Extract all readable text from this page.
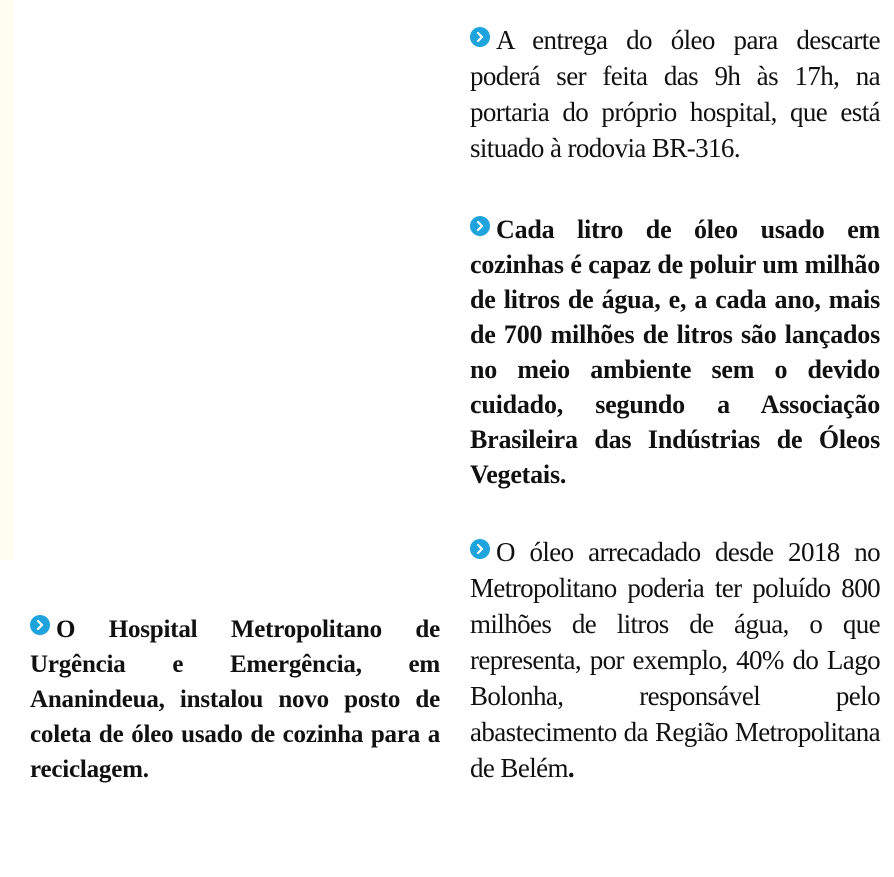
O Hospital Metropolitano de Urgência e Emergência, em Ananindeua, instalou novo posto de coleta de óleo usado de cozinha para a reciclagem.

A entrega do óleo para descarte poderá ser feita das 9h às 17h, na portaria do próprio hospital, que está situado à rodovia BR-316.

Cada litro de óleo usado em cozinhas é capaz de poluir um milhão de litros de água, e, a cada ano, mais de 700 milhões de litros são lançados no meio ambiente sem o devido cuidado, segundo a Associação Brasileira das Indústrias de Óleos Vegetais.

O óleo arrecadado desde 2018 no Metropolitano poderia ter poluído 800 milhões de litros de água, o que representa, por exemplo, 40% do Lago Bolonha, responsável pelo abastecimento da Região Metropolitana de Belém.
